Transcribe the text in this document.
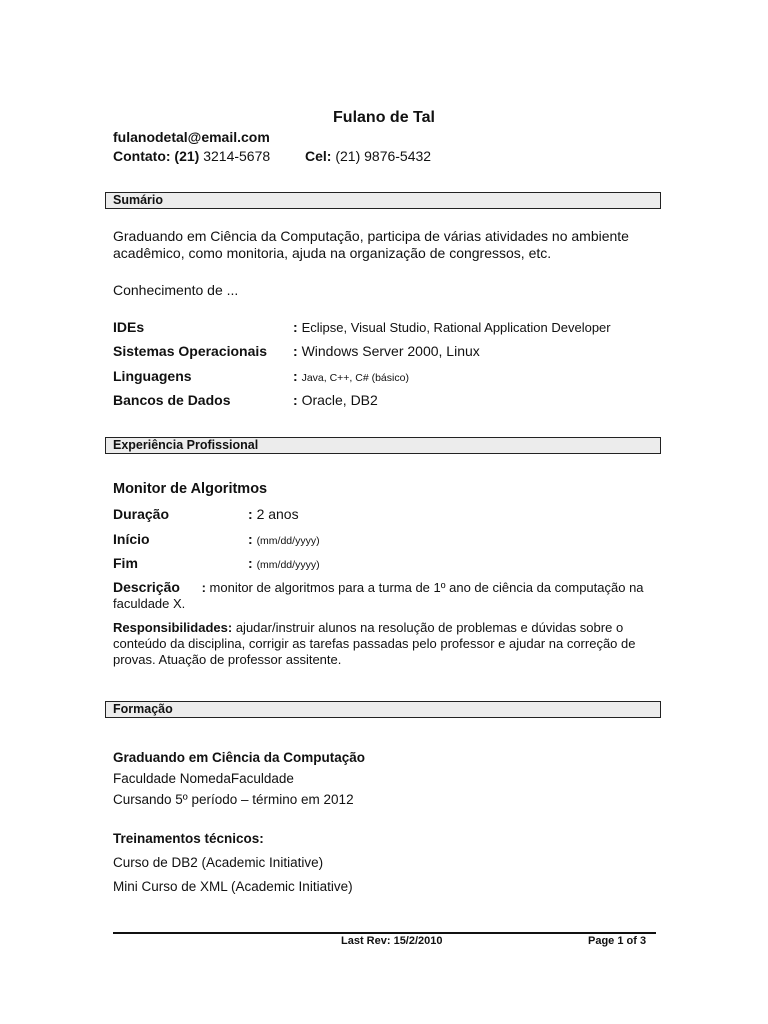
Fulano de Tal
fulanodetal@email.com
Contato: (21) 3214-5678 Cel: (21) 9876-5432
Sumário
Graduando em Ciência da Computação, participa de várias atividades no ambiente acadêmico, como monitoria, ajuda na organização de congressos, etc.
Conhecimento de ...
IDEs	: Eclipse, Visual Studio, Rational Application Developer
Sistemas Operacionais : Windows Server 2000, Linux
Linguagens	: Java, C++, C# (básico)
Bancos de Dados	: Oracle, DB2
Experiência Profissional
Monitor de Algoritmos
Duração	: 2 anos
Início	: (mm/dd/yyyy)
Fim	: (mm/dd/yyyy)
Descrição : monitor de algoritmos para a turma de 1º ano de ciência da computação na faculdade X.
Responsibilidades: ajudar/instruir alunos na resolução de problemas e dúvidas sobre o conteúdo da disciplina, corrigir as tarefas passadas pelo professor e ajudar na correção de provas. Atuação de professor assitente.
Formação
Graduando em Ciência da Computação
Faculdade NomedaFaculdade
Cursando 5º período – término em 2012
Treinamentos técnicos:
Curso de DB2 (Academic Initiative)
Mini Curso de XML (Academic Initiative)
Last Rev: 15/2/2010	Page 1 of 3
